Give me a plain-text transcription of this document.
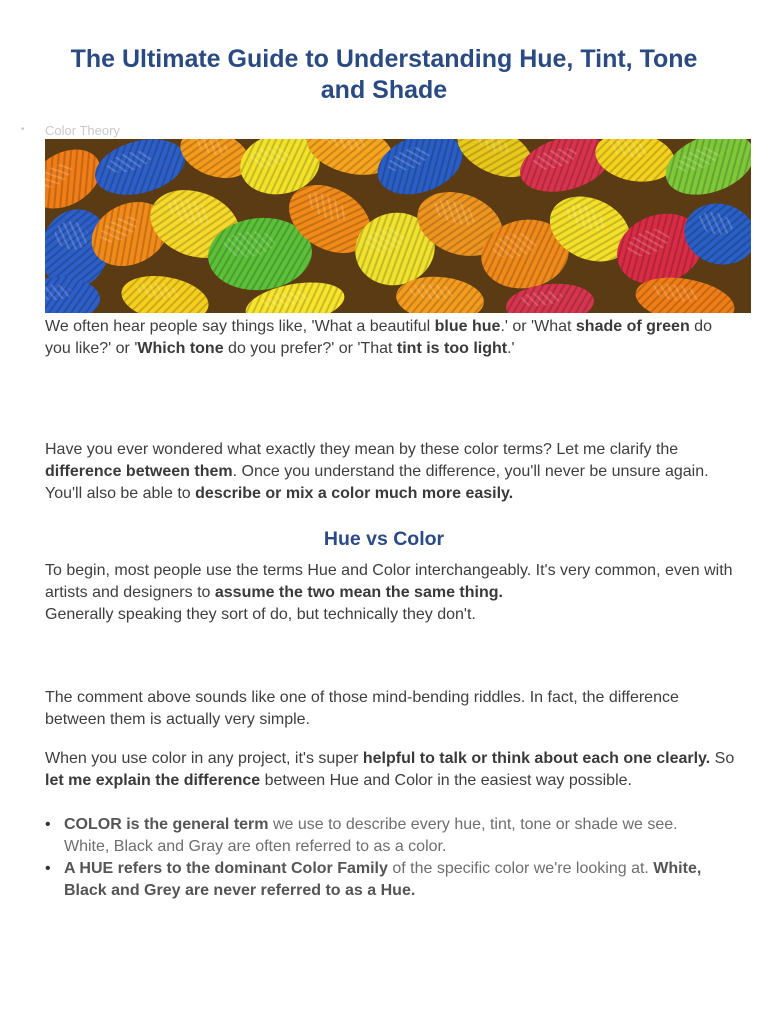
The Ultimate Guide to Understanding Hue, Tint, Tone and Shade
• Color Theory

We often hear people say things like, 'What a beautiful blue hue.' or 'What shade of green do you like?' or 'Which tone do you prefer?' or 'That tint is too light.'

Have you ever wondered what exactly they mean by these color terms? Let me clarify the difference between them. Once you understand the difference, you'll never be unsure again. You'll also be able to describe or mix a color much more easily.

Hue vs Color

To begin, most people use the terms Hue and Color interchangeably. It's very common, even with artists and designers to assume the two mean the same thing.
Generally speaking they sort of do, but technically they don't.

The comment above sounds like one of those mind-bending riddles. In fact, the difference between them is actually very simple.

When you use color in any project, it's super helpful to talk or think about each one clearly. So let me explain the difference between Hue and Color in the easiest way possible.

• COLOR is the general term we use to describe every hue, tint, tone or shade we see. White, Black and Gray are often referred to as a color.
• A HUE refers to the dominant Color Family of the specific color we're looking at. White, Black and Grey are never referred to as a Hue.
